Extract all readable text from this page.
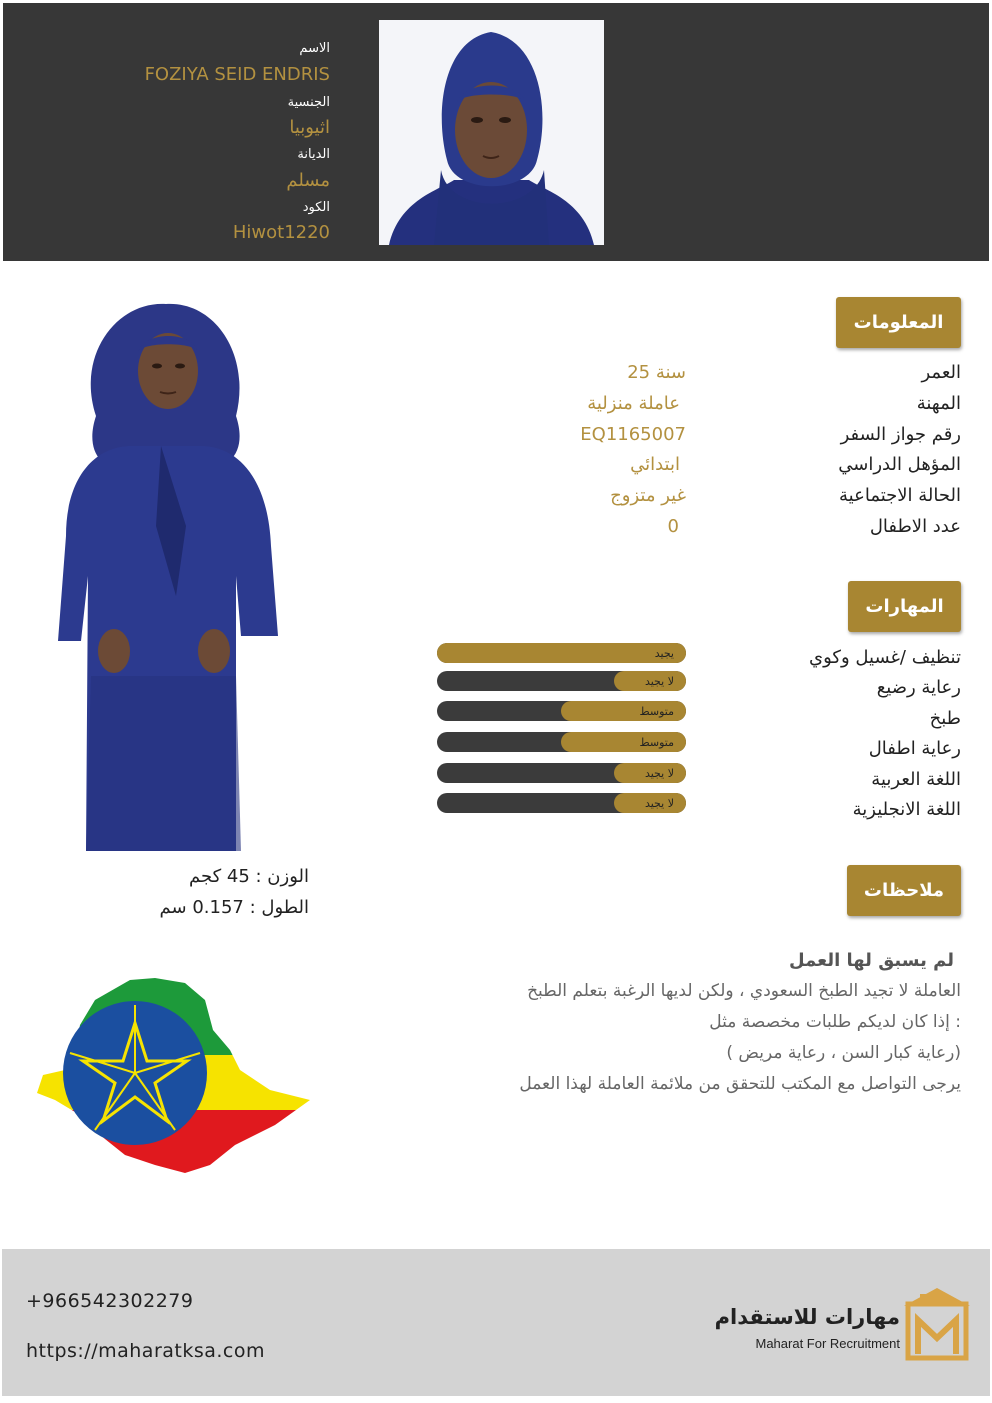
الاسم
FOZIYA SEID ENDRIS
الجنسية
اثيوبيا
الديانة
مسلم
الكود
Hiwot1220
المعلومات
العمر
25 سنة
المهنة
عاملة منزلية
رقم جواز السفر
EQ1165007
المؤهل الدراسي
ابتدائي
الحالة الاجتماعية
غير متزوج
عدد الاطفال
0
المهارات
تنظيف /غسيل وكوي
يجيد
رعاية رضيع
لا يجيد
طبخ
متوسط
رعاية اطفال
متوسط
اللغة العربية
لا يجيد
اللغة الانجليزية
لا يجيد
ملاحظات
لم يسبق لها العمل
العاملة لا تجيد الطبخ السعودي ، ولكن لديها الرغبة بتعلم الطبخ
إذا كان لديكم طلبات مخصصة مثل :
( رعاية كبار السن ، رعاية مريض)
يرجى التواصل مع المكتب للتحقق من ملائمة العاملة لهذا العمل
الوزن : 45 كجم
الطول : 0.157 سم
+966542302279
https://maharatksa.com
مهارات للاستقدام
Maharat For Recruitment
